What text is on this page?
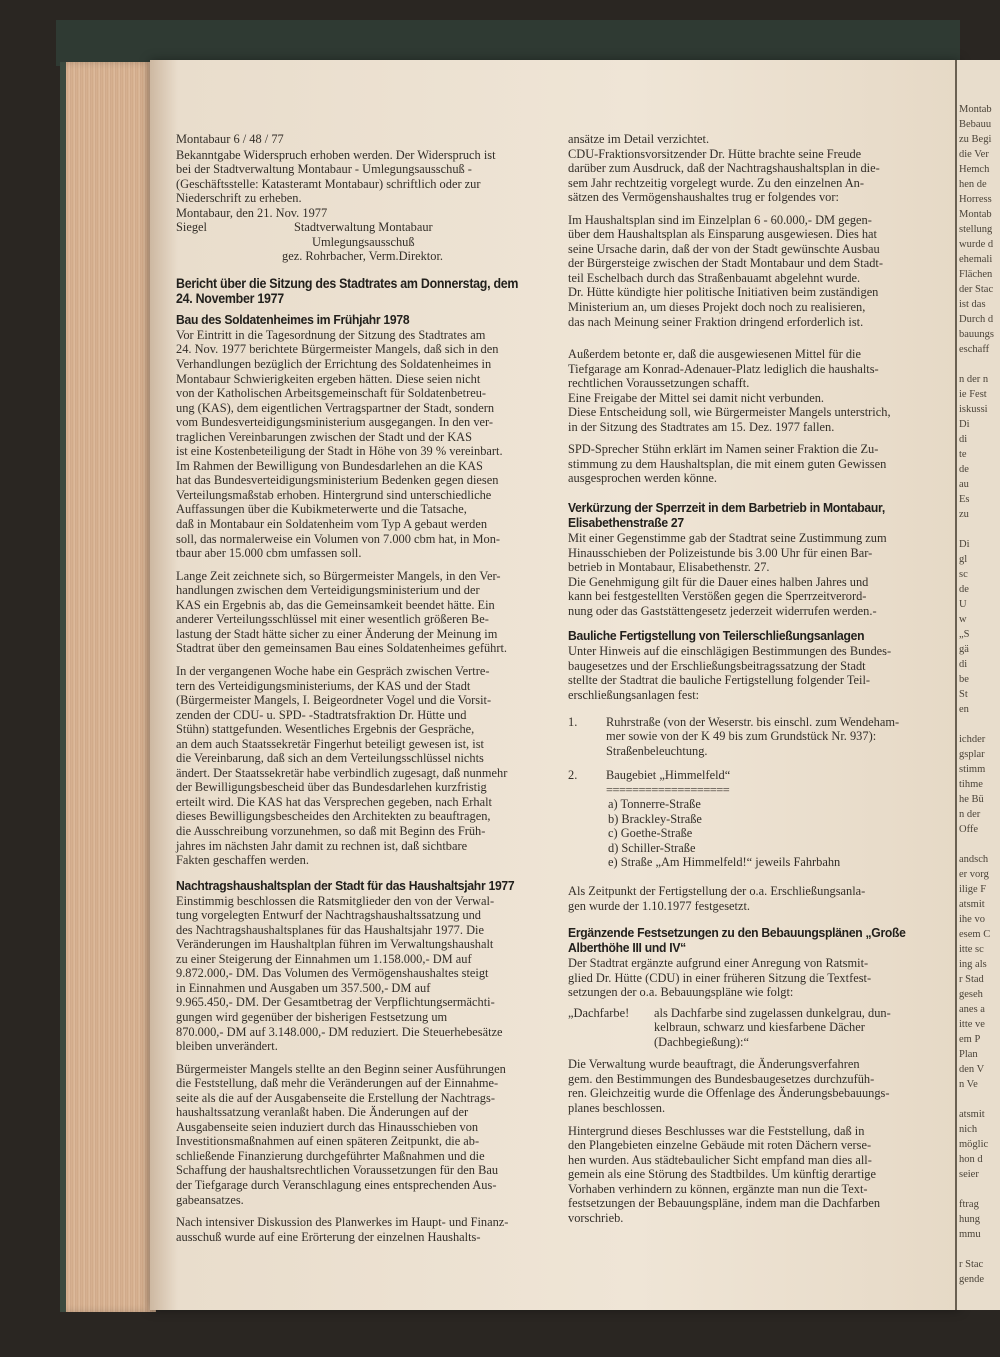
Montab
Bebauu
zu Begi
die Ver
Hemch
hen de
Horress
Montab
stellung
wurde d
ehemali
Flächen
der Stac
ist das
Durch d
bauungs
eschaff

n der n
ie Fest
iskussi
Di
di
te
de
au
Es
zu

Di
gl
sc
de
U
w
„S
gä
di
be
St
en

ichder
gsplar
stimm
tihme
he Bü
n der
Offe

andsch
er vorg
ilige F
atsmit
ihe vo
esem C
itte sc
ing als
r Stad
geseh
anes a
itte ve
em P
Plan
den V
n Ve

atsmit
nich
möglic
hon d
seier

ftrag
hung
mmu

r Stac
gende
Montabaur 6 / 48 / 77
Bekanntgabe Widerspruch erhoben werden. Der Widerspruch ist
bei der Stadtverwaltung Montabaur - Umlegungsausschuß -
(Geschäftsstelle: Katasteramt Montabaur) schriftlich oder zur
Niederschrift zu erheben.
Montabaur, den 21. Nov. 1977
Siegel	Stadtverwaltung Montabaur
Umlegungsausschuß
gez. Rohrbacher, Verm.Direktor.
Bericht über die Sitzung des Stadtrates am Donnerstag, dem
24. November 1977
Bau des Soldatenheimes im Frühjahr 1978

Vor Eintritt in die Tagesordnung der Sitzung des Stadtrates am
24. Nov. 1977 berichtete Bürgermeister Mangels, daß sich in den
Verhandlungen bezüglich der Errichtung des Soldatenheimes in
Montabaur Schwierigkeiten ergeben hätten. Diese seien nicht
von der Katholischen Arbeitsgemeinschaft für Soldatenbetreu-
ung (KAS), dem eigentlichen Vertragspartner der Stadt, sondern
vom Bundesverteidigungsministerium ausgegangen. In den ver-
traglichen Vereinbarungen zwischen der Stadt und der KAS
ist eine Kostenbeteiligung der Stadt in Höhe von 39 % vereinbart.
Im Rahmen der Bewilligung von Bundesdarlehen an die KAS
hat das Bundesverteidigungsministerium Bedenken gegen diesen
Verteilungsmaßstab erhoben. Hintergrund sind unterschiedliche
Auffassungen über die Kubikmeterwerte und die Tatsache,
daß in Montabaur ein Soldatenheim vom Typ A gebaut werden
soll, das normalerweise ein Volumen von 7.000 cbm hat, in Mon-
tbaur aber 15.000 cbm umfassen soll.

Lange Zeit zeichnete sich, so Bürgermeister Mangels, in den Ver-
handlungen zwischen dem Verteidigungsministerium und der
KAS ein Ergebnis ab, das die Gemeinsamkeit beendet hätte. Ein
anderer Verteilungsschlüssel mit einer wesentlich größeren Be-
lastung der Stadt hätte sicher zu einer Änderung der Meinung im
Stadtrat über den gemeinsamen Bau eines Soldatenheimes geführt.

In der vergangenen Woche habe ein Gespräch zwischen Vertre-
tern des Verteidigungsministeriums, der KAS und der Stadt
(Bürgermeister Mangels, I. Beigeordneter Vogel und die Vorsit-
zenden der CDU- u. SPD- -Stadtratsfraktion Dr. Hütte und
Stühn) stattgefunden. Wesentliches Ergebnis der Gespräche,
an dem auch Staatssekretär Fingerhut beteiligt gewesen ist, ist
die Vereinbarung, daß sich an dem Verteilungsschlüssel nichts
ändert. Der Staatssekretär habe verbindlich zugesagt, daß nunmehr
der Bewilligungsbescheid über das Bundesdarlehen kurzfristig
erteilt wird. Die KAS hat das Versprechen gegeben, nach Erhalt
dieses Bewilligungsbescheides den Architekten zu beauftragen,
die Ausschreibung vorzunehmen, so daß mit Beginn des Früh-
jahres im nächsten Jahr damit zu rechnen ist, daß sichtbare
Fakten geschaffen werden.

Nachtragshaushaltsplan der Stadt für das Haushaltsjahr 1977

Einstimmig beschlossen die Ratsmitglieder den von der Verwal-
tung vorgelegten Entwurf der Nachtragshaushaltssatzung und
des Nachtragshaushaltsplanes für das Haushaltsjahr 1977. Die
Veränderungen im Haushaltplan führen im Verwaltungshaushalt
zu einer Steigerung der Einnahmen um 1.158.000,- DM auf
9.872.000,- DM. Das Volumen des Vermögenshaushaltes steigt
in Einnahmen und Ausgaben um 357.500,- DM auf
9.965.450,- DM. Der Gesamtbetrag der Verpflichtungsermächti-
gungen wird gegenüber der bisherigen Festsetzung um
870.000,- DM auf 3.148.000,- DM reduziert. Die Steuerhebesätze
bleiben unverändert.

Bürgermeister Mangels stellte an den Beginn seiner Ausführungen
die Feststellung, daß mehr die Veränderungen auf der Einnahme-
seite als die auf der Ausgabenseite die Erstellung der Nachtrags-
haushaltssatzung veranlaßt haben. Die Änderungen auf der
Ausgabenseite seien induziert durch das Hinausschieben von
Investitionsmaßnahmen auf einen späteren Zeitpunkt, die ab-
schließende Finanzierung durchgeführter Maßnahmen und die
Schaffung der haushaltsrechtlichen Voraussetzungen für den Bau
der Tiefgarage durch Veranschlagung eines entsprechenden Aus-
gabeansatzes.

Nach intensiver Diskussion des Planwerkes im Haupt- und Finanz-
ausschuß wurde auf eine Erörterung der einzelnen Haushalts-

ansätze im Detail verzichtet.
CDU-Fraktionsvorsitzender Dr. Hütte brachte seine Freude
darüber zum Ausdruck, daß der Nachtragshaushaltsplan in die-
sem Jahr rechtzeitig vorgelegt wurde. Zu den einzelnen An-
sätzen des Vermögenshaushaltes trug er folgendes vor:

Im Haushaltsplan sind im Einzelplan 6 - 60.000,- DM gegen-
über dem Haushaltsplan als Einsparung ausgewiesen. Dies hat
seine Ursache darin, daß der von der Stadt gewünschte Ausbau
der Bürgersteige zwischen der Stadt Montabaur und dem Stadt-
teil Eschelbach durch das Straßenbauamt abgelehnt wurde.
Dr. Hütte kündigte hier politische Initiativen beim zuständigen
Ministerium an, um dieses Projekt doch noch zu realisieren,
das nach Meinung seiner Fraktion dringend erforderlich ist.

Außerdem betonte er, daß die ausgewiesenen Mittel für die
Tiefgarage am Konrad-Adenauer-Platz lediglich die haushalts-
rechtlichen Voraussetzungen schafft.
Eine Freigabe der Mittel sei damit nicht verbunden.
Diese Entscheidung soll, wie Bürgermeister Mangels unterstrich,
in der Sitzung des Stadtrates am 15. Dez. 1977 fallen.

SPD-Sprecher Stühn erklärt im Namen seiner Fraktion die Zu-
stimmung zu dem Haushaltsplan, die mit einem guten Gewissen
ausgesprochen werden könne.

Verkürzung der Sperrzeit in dem Barbetrieb in Montabaur,
Elisabethenstraße 27

Mit einer Gegenstimme gab der Stadtrat seine Zustimmung zum
Hinausschieben der Polizeistunde bis 3.00 Uhr für einen Bar-
betrieb in Montabaur, Elisabethenstr. 27.
Die Genehmigung gilt für die Dauer eines halben Jahres und
kann bei festgestellten Verstößen gegen die Sperrzeitverord-
nung oder das Gaststättengesetz jederzeit widerrufen werden.-

Bauliche Fertigstellung von Teilerschließungsanlagen

Unter Hinweis auf die einschlägigen Bestimmungen des Bundes-
baugesetzes und der Erschließungsbeitragssatzung der Stadt
stellte der Stadtrat die bauliche Fertigstellung folgender Teil-
erschließungsanlagen fest:

1.	Ruhrstraße (von der Weserstr. bis einschl. zum Wendeham-
mer sowie von der K 49 bis zum Grundstück Nr. 937):
Straßenbeleuchtung.
2.	Baugebiet „Himmelfeld“
===================
a) Tonnerre-Straße
b) Brackley-Straße
c) Goethe-Straße
d) Schiller-Straße
e) Straße „Am Himmelfeld!“ jeweils Fahrbahn

Als Zeitpunkt der Fertigstellung der o.a. Erschließungsanla-
gen wurde der 1.10.1977 festgesetzt.

Ergänzende Festsetzungen zu den Bebauungsplänen „Große
Alberthöhe III und IV“

Der Stadtrat ergänzte aufgrund einer Anregung von Ratsmit-
glied Dr. Hütte (CDU) in einer früheren Sitzung die Textfest-
setzungen der o.a. Bebauungspläne wie folgt:

„Dachfarbe!	als Dachfarbe sind zugelassen dunkelgrau, dun-
kelbraun, schwarz und kiesfarbene Dächer
(Dachbegießung):“

Die Verwaltung wurde beauftragt, die Änderungsverfahren
gem. den Bestimmungen des Bundesbaugesetzes durchzufüh-
ren. Gleichzeitig wurde die Offenlage des Änderungsbebauungs-
planes beschlossen.

Hintergrund dieses Beschlusses war die Feststellung, daß in
den Plangebieten einzelne Gebäude mit roten Dächern verse-
hen wurden. Aus städtebaulicher Sicht empfand man dies all-
gemein als eine Störung des Stadtbildes. Um künftig derartige
Vorhaben verhindern zu können, ergänzte man nun die Text-
festsetzungen der Bebauungspläne, indem man die Dachfarben
vorschrieb.
